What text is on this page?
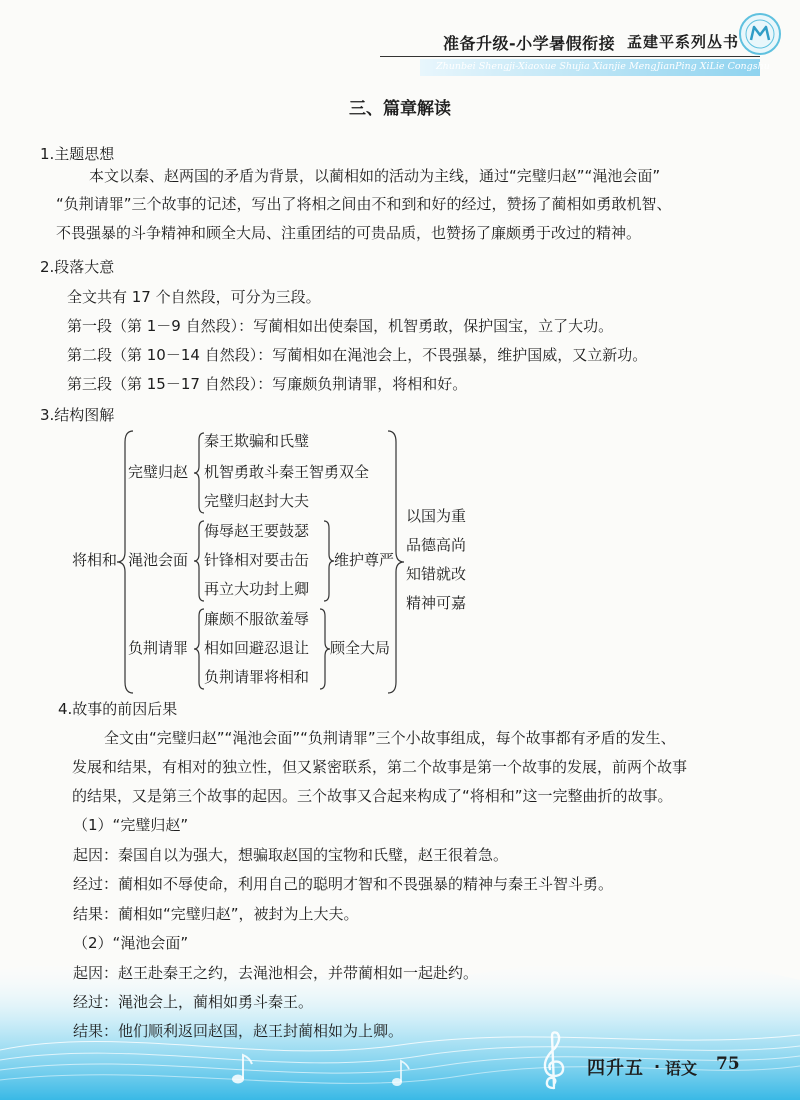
准备升级-小学暑假衔接 孟建平系列丛书
Zhunbei Shengji-Xiaoxue Shujia Xianjie MengJianPing XiLie Congshu
三、篇章解读
1.主题思想
本文以秦、赵两国的矛盾为背景，以蔺相如的活动为主线，通过“完璧归赵”“渑池会面”
“负荆请罪”三个故事的记述，写出了将相之间由不和到和好的经过，赞扬了蔺相如勇敢机智、
不畏强暴的斗争精神和顾全大局、注重团结的可贵品质，也赞扬了廉颇勇于改过的精神。
2.段落大意
全文共有 17 个自然段，可分为三段。
第一段（第 1－9 自然段）：写蔺相如出使秦国，机智勇敢，保护国宝，立了大功。
第二段（第 10－14 自然段）：写蔺相如在渑池会上，不畏强暴，维护国威，又立新功。
第三段（第 15－17 自然段）：写廉颇负荆请罪，将相和好。
3.结构图解
将相和
完璧归赵
秦王欺骗和氏璧
机智勇敢斗秦王智勇双全
完璧归赵封大夫
渑池会面
侮辱赵王要鼓瑟
针锋相对要击缶
再立大功封上卿
维护尊严
负荆请罪
廉颇不服欲羞辱
相如回避忍退让
负荆请罪将相和
顾全大局
以国为重
品德高尚
知错就改
精神可嘉
4.故事的前因后果
全文由“完璧归赵”“渑池会面”“负荆请罪”三个小故事组成，每个故事都有矛盾的发生、
发展和结果，有相对的独立性，但又紧密联系，第二个故事是第一个故事的发展，前两个故事
的结果，又是第三个故事的起因。三个故事又合起来构成了“将相和”这一完整曲折的故事。
（1）“完璧归赵”
起因：秦国自以为强大，想骗取赵国的宝物和氏璧，赵王很着急。
经过：蔺相如不辱使命，利用自己的聪明才智和不畏强暴的精神与秦王斗智斗勇。
结果：蔺相如“完璧归赵”，被封为上大夫。
（2）“渑池会面”
起因：赵王赴秦王之约，去渑池相会，并带蔺相如一起赴约。
经过：渑池会上，蔺相如勇斗秦王。
结果：他们顺利返回赵国，赵王封蔺相如为上卿。
四升五 · 语文 75
